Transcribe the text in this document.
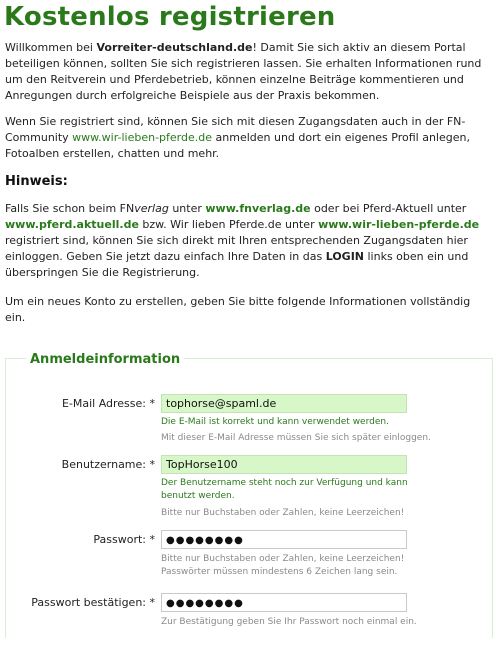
Kostenlos registrieren

Willkommen bei Vorreiter-deutschland.de! Damit Sie sich aktiv an diesem Portal beteiligen können, sollten Sie sich registrieren lassen. Sie erhalten Informationen rund um den Reitverein und Pferdebetrieb, können einzelne Beiträge kommentieren und Anregungen durch erfolgreiche Beispiele aus der Praxis bekommen.

Wenn Sie registriert sind, können Sie sich mit diesen Zugangsdaten auch in der FN-Community www.wir-lieben-pferde.de anmelden und dort ein eigenes Profil anlegen, Fotoalben erstellen, chatten und mehr.

Hinweis:

Falls Sie schon beim FNverlag unter www.fnverlag.de oder bei Pferd-Aktuell unter www.pferd.aktuell.de bzw. Wir lieben Pferde.de unter www.wir-lieben-pferde.de registriert sind, können Sie sich direkt mit Ihren entsprechenden Zugangsdaten hier einloggen. Geben Sie jetzt dazu einfach Ihre Daten in das LOGIN links oben ein und überspringen Sie die Registrierung.

Um ein neues Konto zu erstellen, geben Sie bitte folgende Informationen vollständig ein.

Anmeldeinformation
E-Mail Adresse: *	tophorse@spaml.de
Die E-Mail ist korrekt und kann verwendet werden.
Mit dieser E-Mail Adresse müssen Sie sich später einloggen.
Benutzername: *	TopHorse100
Der Benutzername steht noch zur Verfügung und kann benutzt werden.
Bitte nur Buchstaben oder Zahlen, keine Leerzeichen!
Passwort: *	●●●●●●●●
Bitte nur Buchstaben oder Zahlen, keine Leerzeichen! Passwörter müssen mindestens 6 Zeichen lang sein.
Passwort bestätigen: *	●●●●●●●●
Zur Bestätigung geben Sie Ihr Passwort noch einmal ein.
